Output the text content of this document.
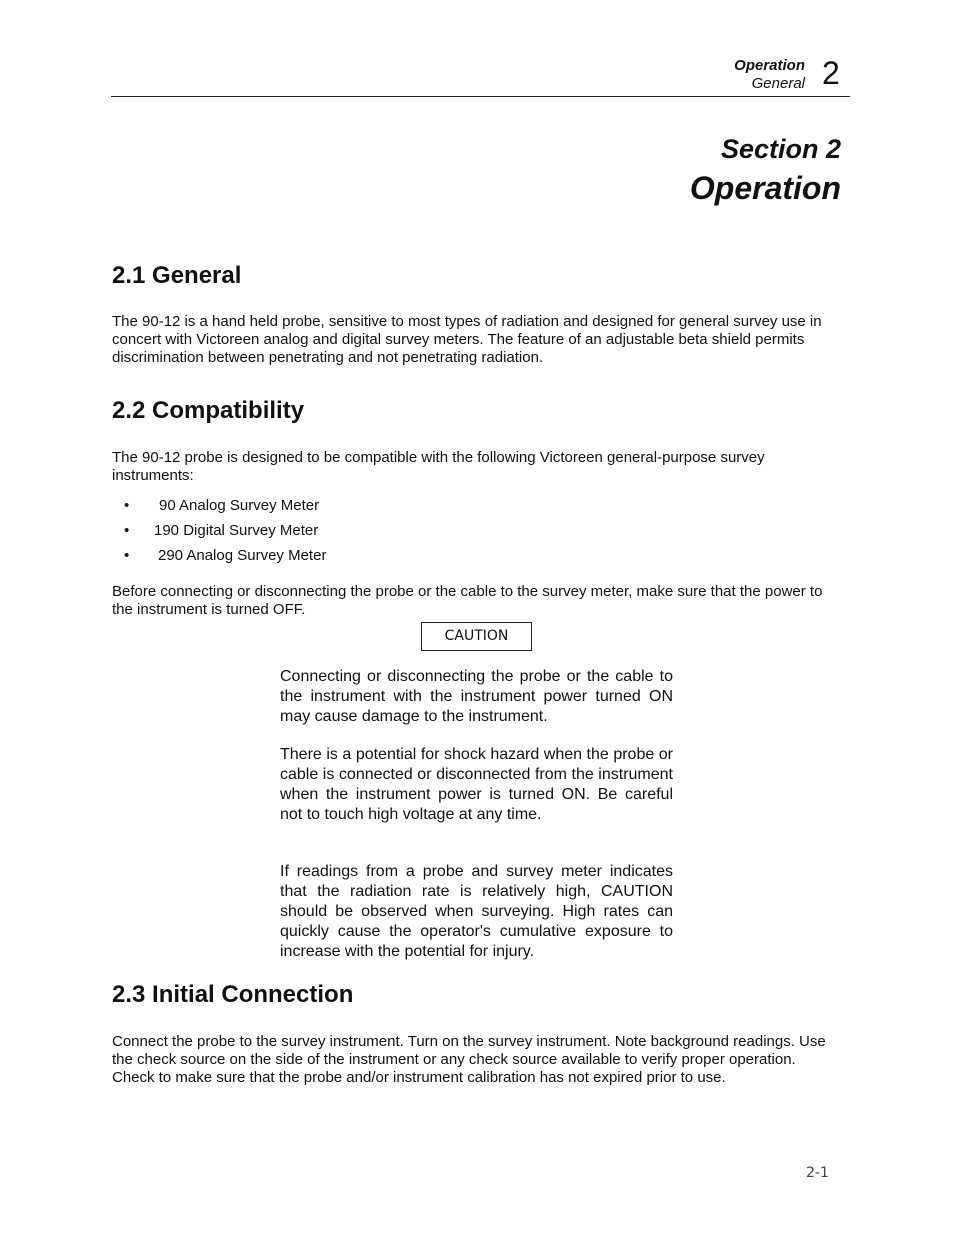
Operation
General 2
Section 2
Operation
2.1 General
The 90-12 is a hand held probe, sensitive to most types of radiation and designed for general survey use in concert with Victoreen analog and digital survey meters. The feature of an adjustable beta shield permits discrimination between penetrating and not penetrating radiation.
2.2 Compatibility
The 90-12 probe is designed to be compatible with the following Victoreen general-purpose survey instruments:
•	90 Analog Survey Meter
•	190 Digital Survey Meter
•	290 Analog Survey Meter
Before connecting or disconnecting the probe or the cable to the survey meter, make sure that the power to the instrument is turned OFF.
CAUTION
Connecting or disconnecting the probe or the cable to the instrument with the instrument power turned ON may cause damage to the instrument.
There is a potential for shock hazard when the probe or cable is connected or disconnected from the instrument when the instrument power is turned ON. Be careful not to touch high voltage at any time.
If readings from a probe and survey meter indicates that the radiation rate is relatively high, CAUTION should be observed when surveying. High rates can quickly cause the operator's cumulative exposure to increase with the potential for injury.
2.3 Initial Connection
Connect the probe to the survey instrument. Turn on the survey instrument. Note background readings. Use the check source on the side of the instrument or any check source available to verify proper operation. Check to make sure that the probe and/or instrument calibration has not expired prior to use.
2-1
